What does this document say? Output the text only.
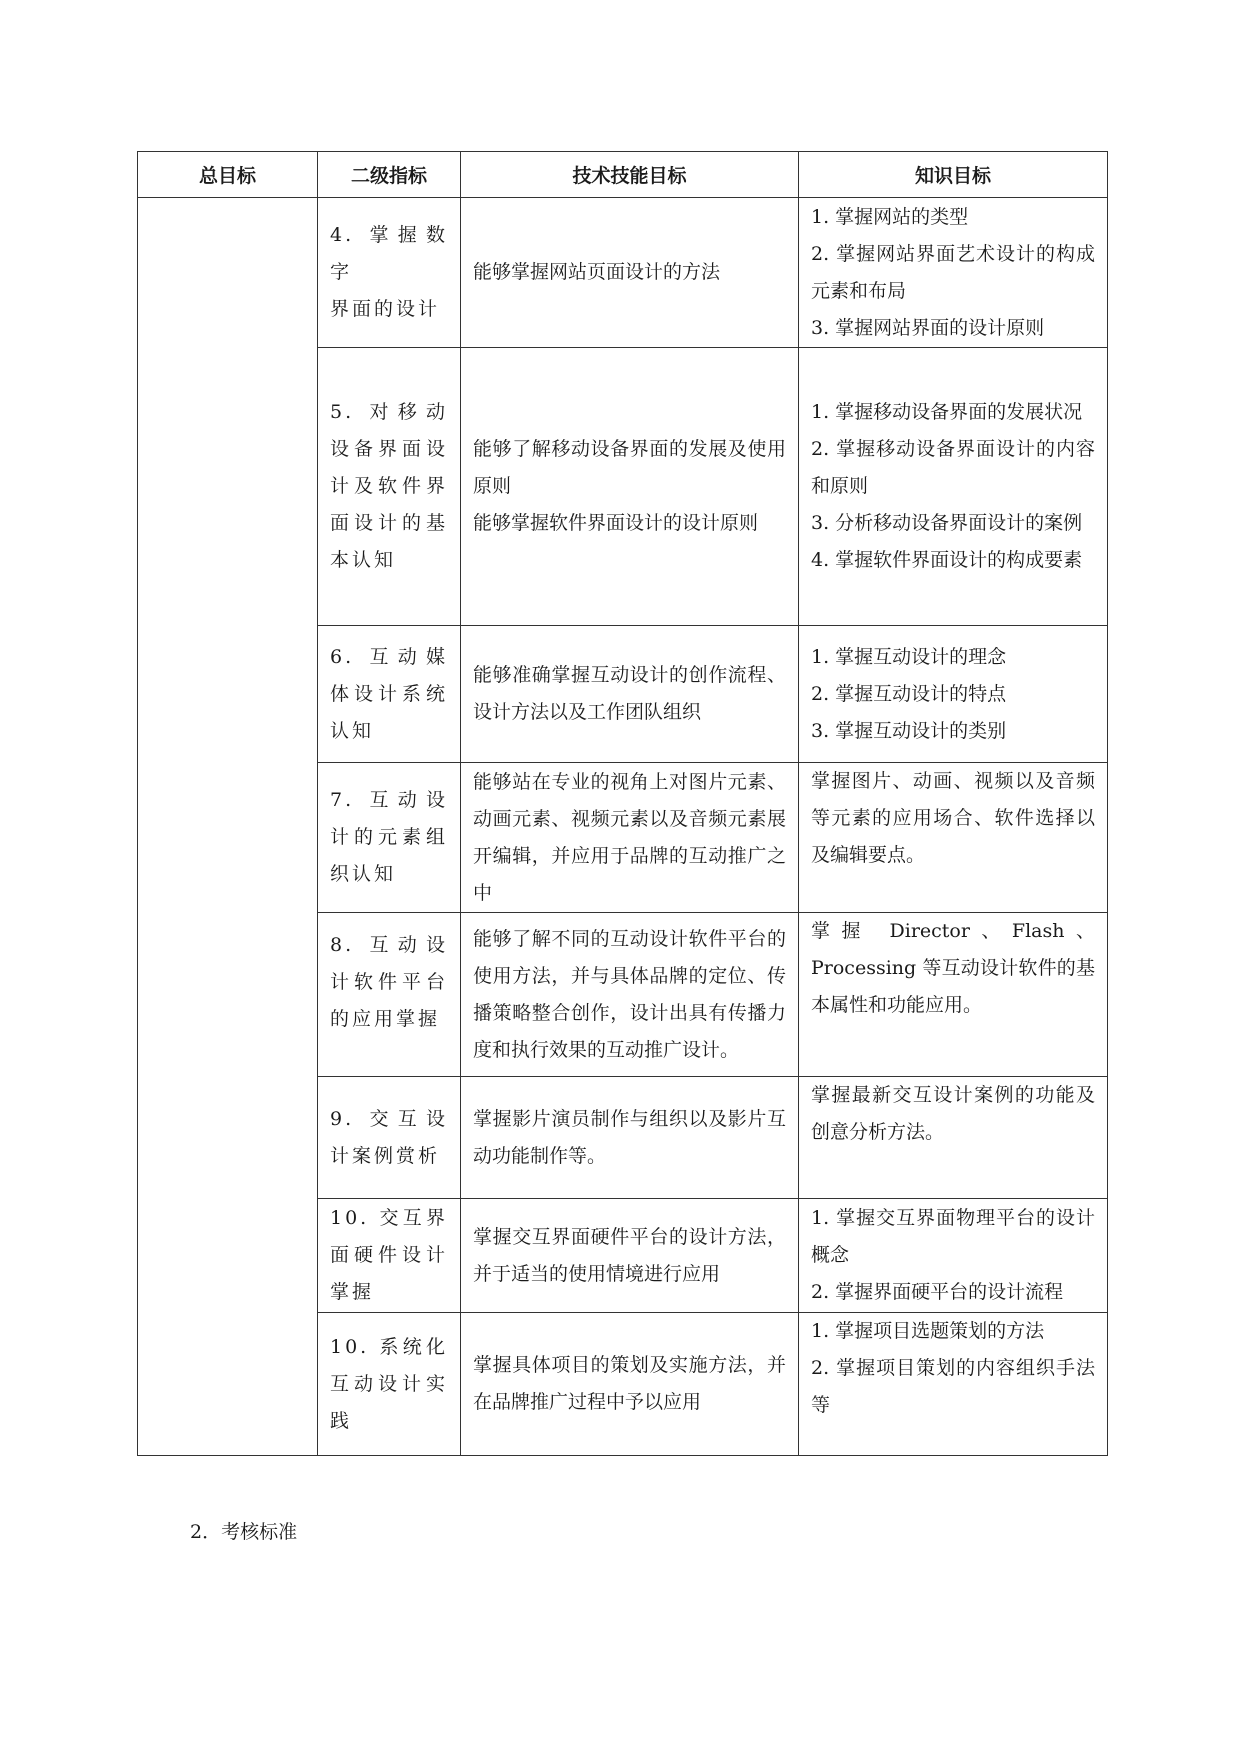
总目标	二级指标	技术技能目标	知识目标

	4. 掌握数字
界面的设计	能够掌握网站页面设计的方法	1. 掌握网站的类型
2. 掌握网站界面艺术设计的构成元素和布局
3. 掌握网站界面的设计原则

	5. 对移动设备界面设计及软件界面设计的基本认知	能够了解移动设备界面的发展及使用原则
能够掌握软件界面设计的设计原则	1. 掌握移动设备界面的发展状况
2. 掌握移动设备界面设计的内容和原则
3. 分析移动设备界面设计的案例
4. 掌握软件界面设计的构成要素

	6. 互动媒体设计系统认知	能够准确掌握互动设计的创作流程、设计方法以及工作团队组织	1. 掌握互动设计的理念
2. 掌握互动设计的特点
3. 掌握互动设计的类别

	7. 互动设计的元素组织认知	能够站在专业的视角上对图片元素、动画元素、视频元素以及音频元素展开编辑，并应用于品牌的互动推广之中	掌握图片、动画、视频以及音频等元素的应用场合、软件选择以及编辑要点。

	8. 互动设计软件平台的应用掌握	能够了解不同的互动设计软件平台的使用方法，并与具体品牌的定位、传播策略整合创作，设计出具有传播力度和执行效果的互动推广设计。	掌握 Director、Flash、Processing 等互动设计软件的基本属性和功能应用。

	9. 交互设计案例赏析	掌握影片演员制作与组织以及影片互动功能制作等。	掌握最新交互设计案例的功能及创意分析方法。

	10. 交互界面硬件设计掌握	掌握交互界面硬件平台的设计方法，并于适当的使用情境进行应用	1. 掌握交互界面物理平台的设计概念
2. 掌握界面硬平台的设计流程

	10. 系统化互动设计实践	掌握具体项目的策划及实施方法，并在品牌推广过程中予以应用	1. 掌握项目选题策划的方法
2. 掌握项目策划的内容组织手法等
2．考核标准
